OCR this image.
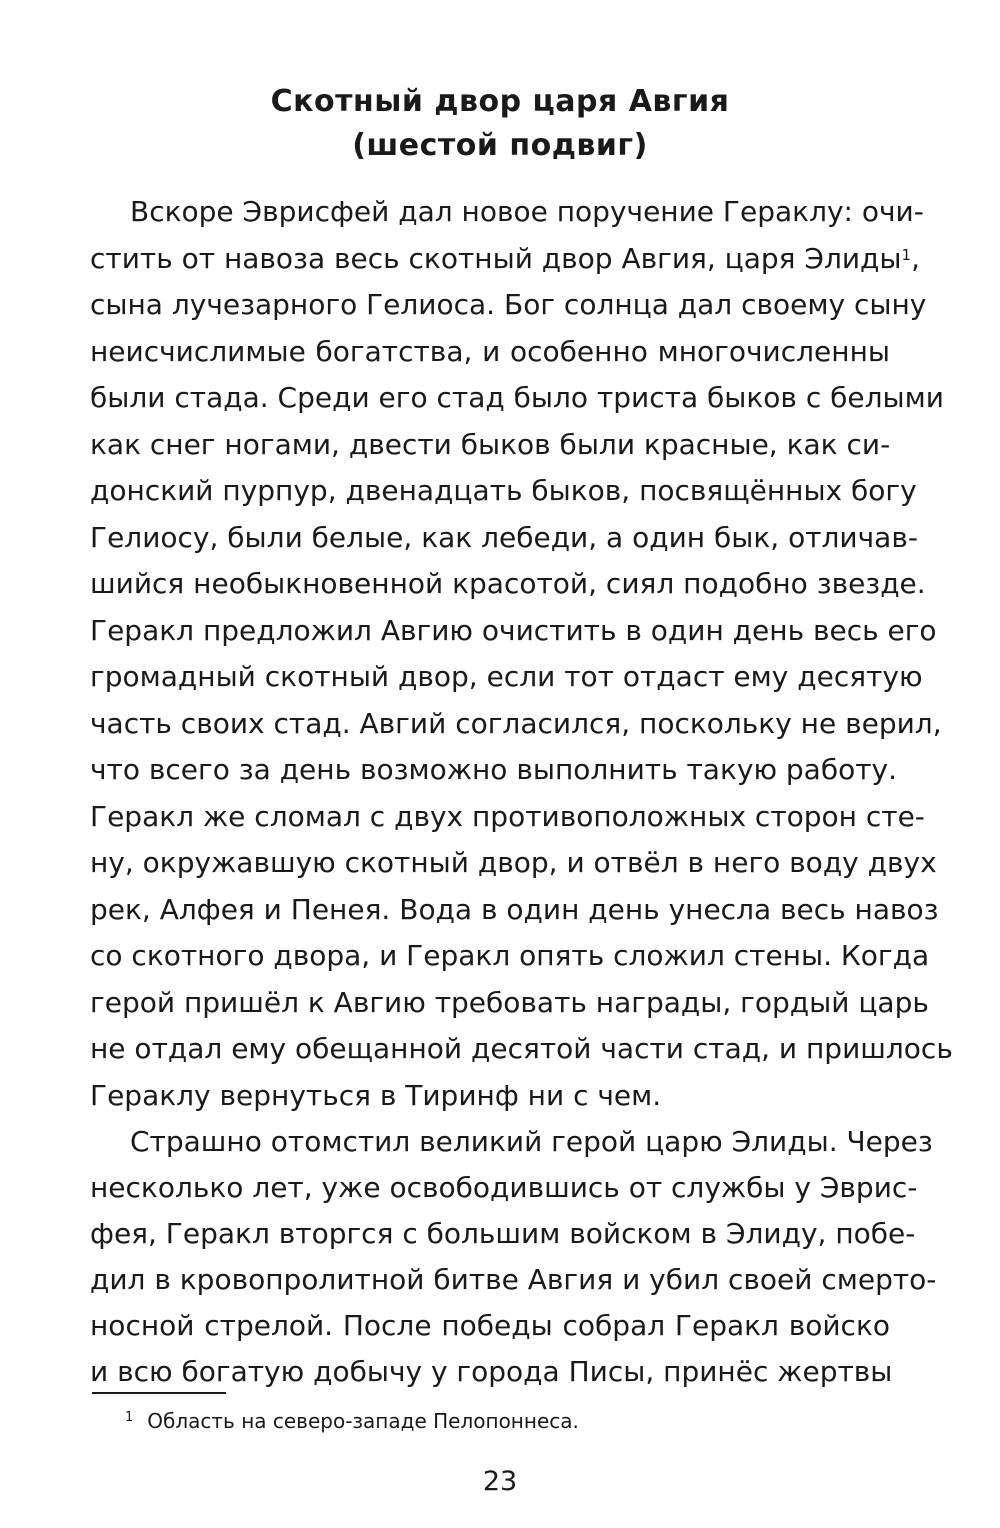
Скотный двор царя Авгия
(шестой подвиг)
Вскоре Эврисфей дал новое поручение Гераклу: очи-
стить от навоза весь скотный двор Авгия, царя Элиды$^1$,
сына лучезарного Гелиоса. Бог солнца дал своему сыну
неисчислимые богатства, и особенно многочисленны
были стада. Среди его стад было триста быков с белыми
как снег ногами, двести быков были красные, как си-
донский пурпур, двенадцать быков, посвящённых богу
Гелиосу, были белые, как лебеди, а один бык, отличав-
шийся необыкновенной красотой, сиял подобно звезде.
Геракл предложил Авгию очистить в один день весь его
громадный скотный двор, если тот отдаст ему десятую
часть своих стад. Авгий согласился, поскольку не верил,
что всего за день возможно выполнить такую работу.
Геракл же сломал с двух противоположных сторон сте-
ну, окружавшую скотный двор, и отвёл в него воду двух
рек, Алфея и Пенея. Вода в один день унесла весь навоз
со скотного двора, и Геракл опять сложил стены. Когда
герой пришёл к Авгию требовать награды, гордый царь
не отдал ему обещанной десятой части стад, и пришлось
Гераклу вернуться в Тиринф ни с чем.
Страшно отомстил великий герой царю Элиды. Через
несколько лет, уже освободившись от службы у Эврис-
фея, Геракл вторгся с большим войском в Элиду, побе-
дил в кровопролитной битве Авгия и убил своей смерто-
носной стрелой. После победы собрал Геракл войско
$^1$ Область на северо-западе Пелопоннеса.
23
и всю богатую добычу у города Писы, принёс жертвы
